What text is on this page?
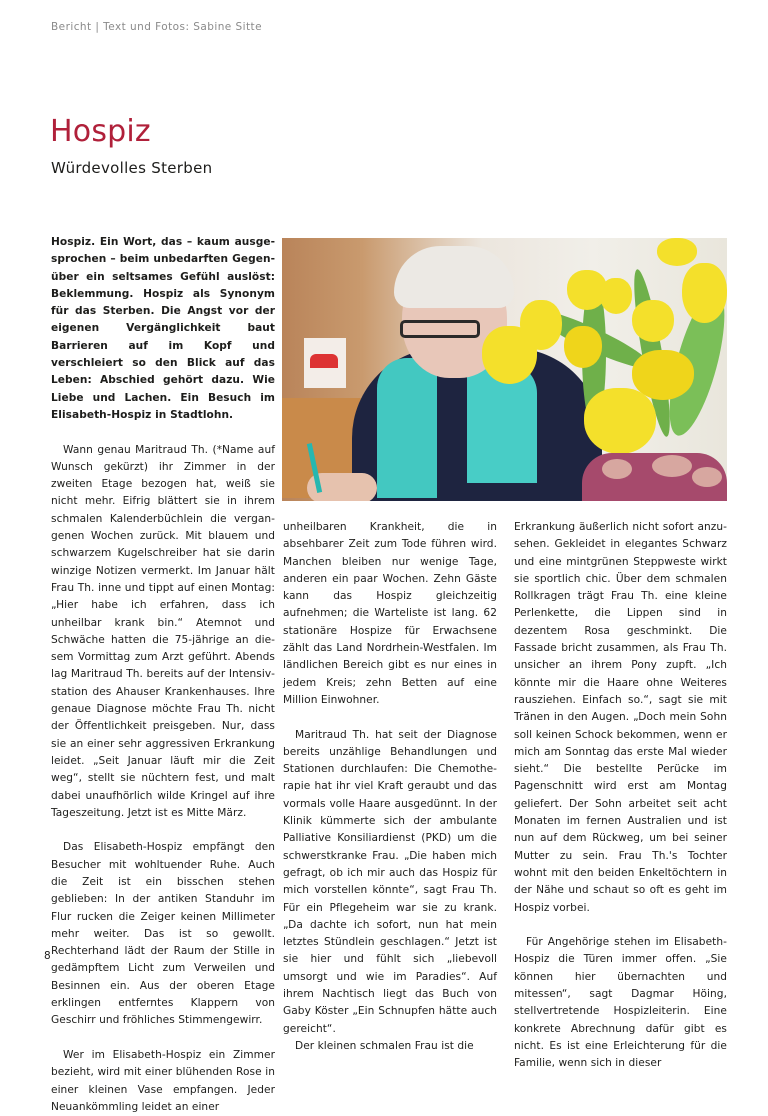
Bericht | Text und Fotos: Sabine Sitte
Hospiz
Würdevolles Sterben

Hospiz. Ein Wort, das – kaum ausgesprochen – beim unbedarften Gegenüber ein seltsames Gefühl auslöst: Beklemmung. Hospiz als Synonym für das Sterben. Die Angst vor der eigenen Vergänglichkeit baut Barrieren auf im Kopf und verschleiert so den Blick auf das Leben: Abschied gehört dazu. Wie Liebe und Lachen. Ein Besuch im Elisabeth-Hospiz in Stadtlohn.

Wann genau Maritraud Th. (*Name auf Wunsch gekürzt) ihr Zimmer in der zweiten Etage bezogen hat, weiß sie nicht mehr. Eifrig blättert sie in ihrem schmalen Kalenderbüchlein die vergangenen Wochen zurück. Mit blauem und schwarzem Kugelschreiber hat sie darin winzige Notizen vermerkt. Im Januar hält Frau Th. inne und tippt auf einen Montag: „Hier habe ich erfahren, dass ich unheilbar krank bin.“ Atemnot und Schwäche hatten die 75-jährige an diesem Vormittag zum Arzt geführt. Abends lag Maritraud Th. bereits auf der Intensivstation des Ahauser Krankenhauses. Ihre genaue Diagnose möchte Frau Th. nicht der Öffentlichkeit preisgeben. Nur, dass sie an einer sehr aggressiven Erkrankung leidet. „Seit Januar läuft mir die Zeit weg“, stellt sie nüchtern fest, und malt dabei unaufhörlich wilde Kringel auf ihre Tageszeitung. Jetzt ist es Mitte März.

Das Elisabeth-Hospiz empfängt den Besucher mit wohltuender Ruhe. Auch die Zeit ist ein bisschen stehen geblieben: In der antiken Standuhr im Flur rucken die Zeiger keinen Millimeter mehr weiter. Das ist so gewollt. Rechterhand lädt der Raum der Stille in gedämpftem Licht zum Verweilen und Besinnen ein. Aus der oberen Etage erklingen entferntes Klappern von Geschirr und fröhliches Stimmengewirr.

Wer im Elisabeth-Hospiz ein Zimmer bezieht, wird mit einer blühenden Rose in einer kleinen Vase empfangen. Jeder Neuankömmling leidet an einer

unheilbaren Krankheit, die in absehbarer Zeit zum Tode führen wird. Manchen bleiben nur wenige Tage, anderen ein paar Wochen. Zehn Gäste kann das Hospiz gleichzeitig aufnehmen; die Warteliste ist lang. 62 stationäre Hospize für Erwachsene zählt das Land Nordrhein-Westfalen. Im ländlichen Bereich gibt es nur eines in jedem Kreis; zehn Betten auf eine Million Einwohner.

Maritraud Th. hat seit der Diagnose bereits unzählige Behandlungen und Stationen durchlaufen: Die Chemotherapie hat ihr viel Kraft geraubt und das vormals volle Haare ausgedünnt. In der Klinik kümmerte sich der ambulante Palliative Konsiliardienst (PKD) um die schwerstkranke Frau. „Die haben mich gefragt, ob ich mir auch das Hospiz für mich vorstellen könnte“, sagt Frau Th. Für ein Pflegeheim war sie zu krank. „Da dachte ich sofort, nun hat mein letztes Stündlein geschlagen.“ Jetzt ist sie hier und fühlt sich „liebevoll umsorgt und wie im Paradies“. Auf ihrem Nachtisch liegt das Buch von Gaby Köster „Ein Schnupfen hätte auch gereicht“.

Der kleinen schmalen Frau ist die

Erkrankung äußerlich nicht sofort anzusehen. Gekleidet in elegantes Schwarz und eine mintgrünen Steppweste wirkt sie sportlich chic. Über dem schmalen Rollkragen trägt Frau Th. eine kleine Perlenkette, die Lippen sind in dezentem Rosa geschminkt. Die Fassade bricht zusammen, als Frau Th. unsicher an ihrem Pony zupft. „Ich könnte mir die Haare ohne Weiteres rausziehen. Einfach so.“, sagt sie mit Tränen in den Augen. „Doch mein Sohn soll keinen Schock bekommen, wenn er mich am Sonntag das erste Mal wieder sieht.“ Die bestellte Perücke im Pagenschnitt wird erst am Montag geliefert. Der Sohn arbeitet seit acht Monaten im fernen Australien und ist nun auf dem Rückweg, um bei seiner Mutter zu sein. Frau Th.'s Tochter wohnt mit den beiden Enkeltöchtern in der Nähe und schaut so oft es geht im Hospiz vorbei.

Für Angehörige stehen im Elisabeth-Hospiz die Türen immer offen. „Sie können hier übernachten und mitessen“, sagt Dagmar Höing, stellvertretende Hospizleiterin. Eine konkrete Abrechnung dafür gibt es nicht. Es ist eine Erleichterung für die Familie, wenn sich in dieser

8
